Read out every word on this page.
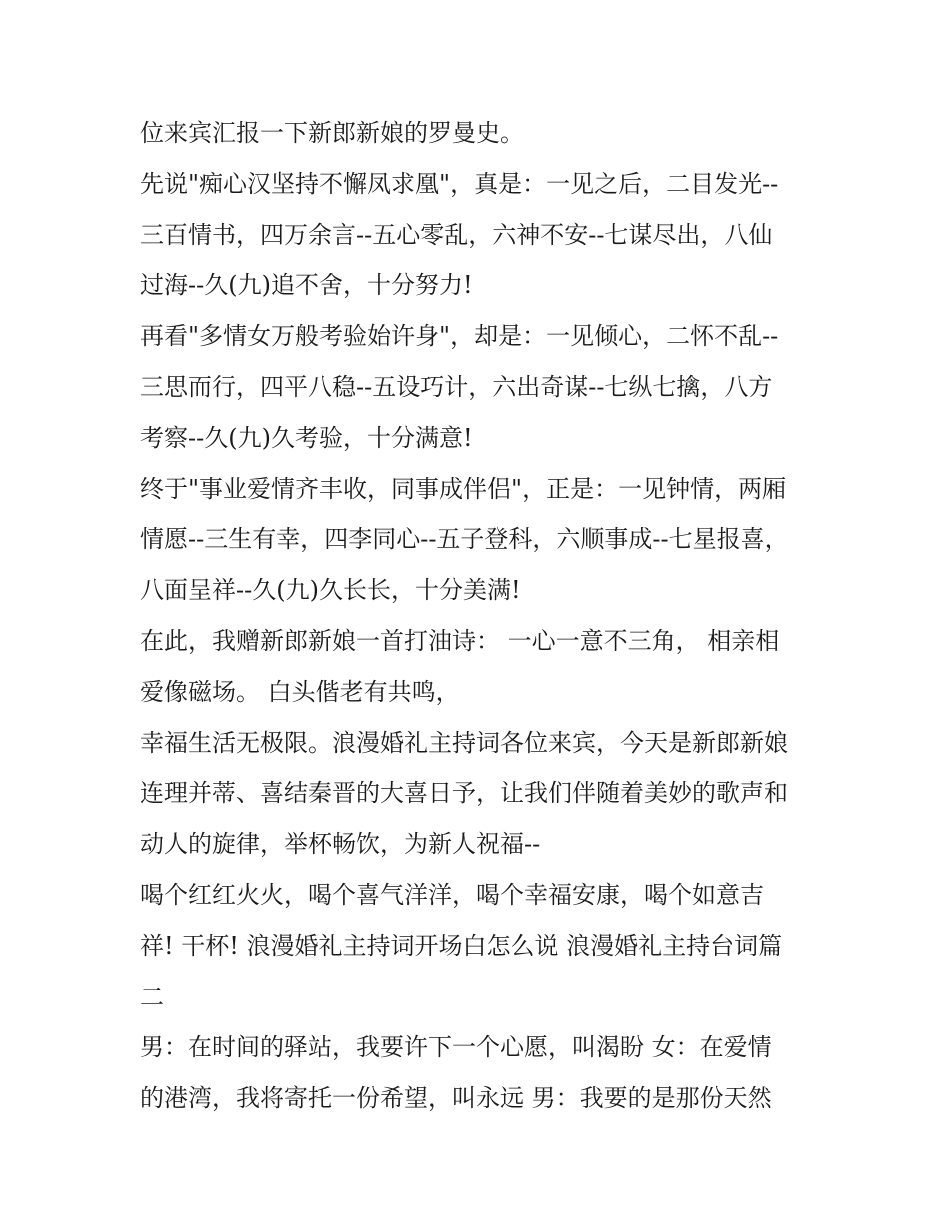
位来宾汇报一下新郎新娘的罗曼史。
先说"痴心汉坚持不懈凤求凰"，真是：一见之后，二目发光--
三百情书，四万余言--五心零乱，六神不安--七谋尽出，八仙
过海--久(九)追不舍，十分努力!
再看"多情女万般考验始许身"，却是：一见倾心，二怀不乱--
三思而行，四平八稳--五设巧计，六出奇谋--七纵七擒，八方
考察--久(九)久考验，十分满意!
终于"事业爱情齐丰收，同事成伴侣"，正是：一见钟情，两厢
情愿--三生有幸，四李同心--五子登科，六顺事成--七星报喜，
八面呈祥--久(九)久长长，十分美满!
在此，我赠新郎新娘一首打油诗： 一心一意不三角， 相亲相
爱像磁场。 白头偕老有共鸣，
幸福生活无极限。浪漫婚礼主持词各位来宾，今天是新郎新娘
连理并蒂、喜结秦晋的大喜日予，让我们伴随着美妙的歌声和
动人的旋律，举杯畅饮，为新人祝福--
喝个红红火火，喝个喜气洋洋，喝个幸福安康，喝个如意吉
祥! 干杯! 浪漫婚礼主持词开场白怎么说 浪漫婚礼主持台词篇
二
男：在时间的驿站，我要许下一个心愿，叫渴盼 女：在爱情
的港湾，我将寄托一份希望，叫永远 男：我要的是那份天然
